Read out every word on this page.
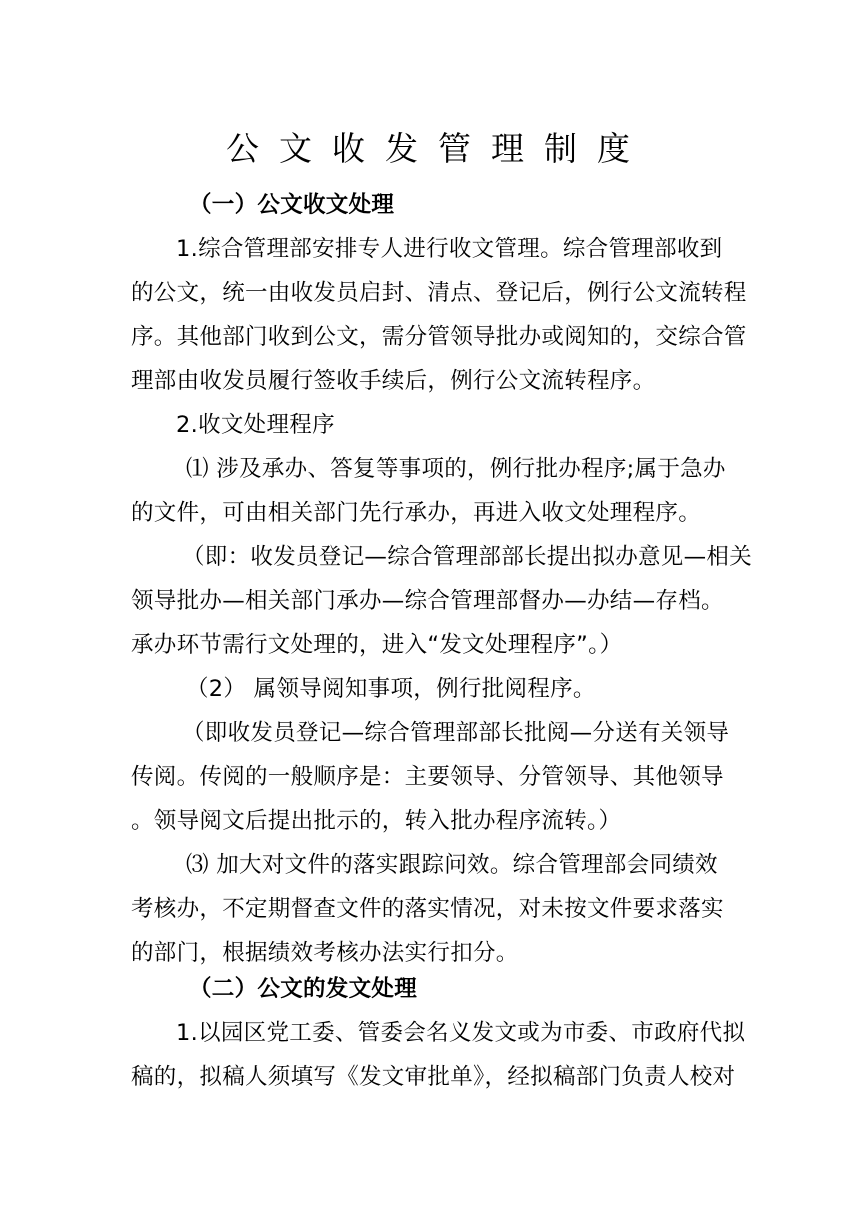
公文收发管理制度
（一）公文收文处理
1.综合管理部安排专人进行收文管理。综合管理部收到
的公文，统一由收发员启封、清点、登记后，例行公文流转程
序。其他部门收到公文，需分管领导批办或阅知的，交综合管
理部由收发员履行签收手续后，例行公文流转程序。
2.收文处理程序
⑴ 涉及承办、答复等事项的，例行批办程序;属于急办
的文件，可由相关部门先行承办，再进入收文处理程序。
（即：收发员登记—综合管理部部长提出拟办意见—相关
领导批办—相关部门承办—综合管理部督办—办结—存档。
承办环节需行文处理的，进入“发文处理程序”。）
（2） 属领导阅知事项，例行批阅程序。
（即收发员登记—综合管理部部长批阅—分送有关领导
传阅。传阅的一般顺序是：主要领导、分管领导、其他领导
。领导阅文后提出批示的，转入批办程序流转。）
⑶ 加大对文件的落实跟踪问效。综合管理部会同绩效
考核办，不定期督查文件的落实情况，对未按文件要求落实
的部门，根据绩效考核办法实行扣分。
（二）公文的发文处理
1.以园区党工委、管委会名义发文或为市委、市政府代拟
稿的，拟稿人须填写《发文审批单》，经拟稿部门负责人校对
